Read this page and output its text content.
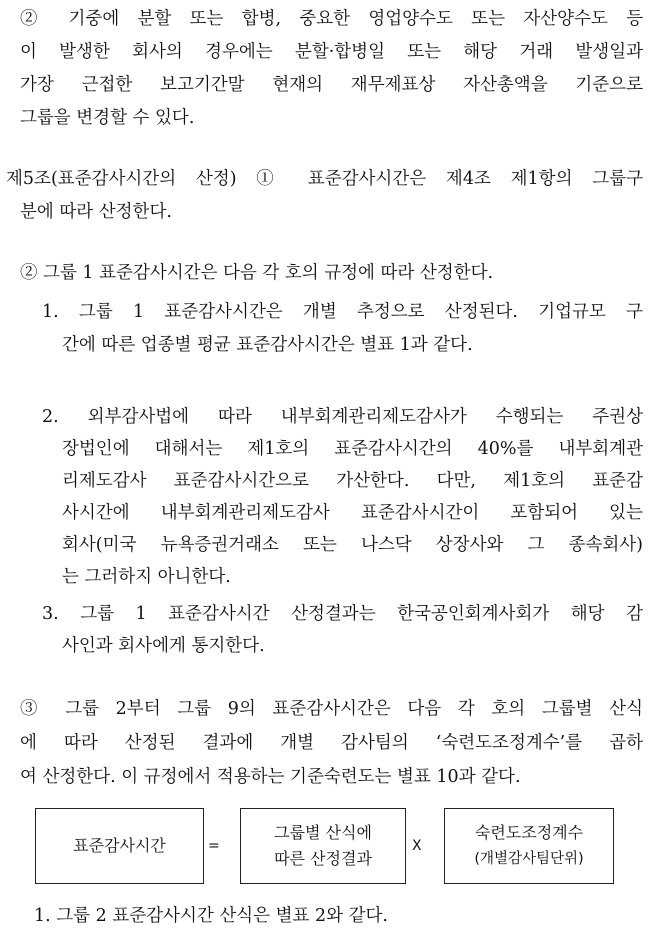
② 기중에 분할 또는 합병, 중요한 영업양수도 또는 자산양수도 등
이 발생한 회사의 경우에는 분할·합병일 또는 해당 거래 발생일과
가장 근접한 보고기간말 현재의 재무제표상 자산총액을 기준으로
그룹을 변경할 수 있다.
제5조(표준감사시간의 산정) ① 표준감사시간은 제4조 제1항의 그룹구
분에 따라 산정한다.
② 그룹 1 표준감사시간은 다음 각 호의 규정에 따라 산정한다.
1. 그룹 1 표준감사시간은 개별 추정으로 산정된다. 기업규모 구
간에 따른 업종별 평균 표준감사시간은 별표 1과 같다.
2. 외부감사법에 따라 내부회계관리제도감사가 수행되는 주권상
장법인에 대해서는 제1호의 표준감사시간의 40%를 내부회계관
리제도감사 표준감사시간으로 가산한다. 다만, 제1호의 표준감
사시간에 내부회계관리제도감사 표준감사시간이 포함되어 있는
회사(미국 뉴욕증권거래소 또는 나스닥 상장사와 그 종속회사)
는 그러하지 아니한다.
3. 그룹 1 표준감사시간 산정결과는 한국공인회계사회가 해당 감
사인과 회사에게 통지한다.
③ 그룹 2부터 그룹 9의 표준감사시간은 다음 각 호의 그룹별 산식
에 따라 산정된 결과에 개별 감사팀의 ‘숙련도조정계수’를 곱하
여 산정한다. 이 규정에서 적용하는 기준숙련도는 별표 10과 같다.
표준감사시간	=
그룹별 산식에
따른 산정결과
X
숙련도조정계수
(개별감사팀단위)
1. 그룹 2 표준감사시간 산식은 별표 2와 같다.
